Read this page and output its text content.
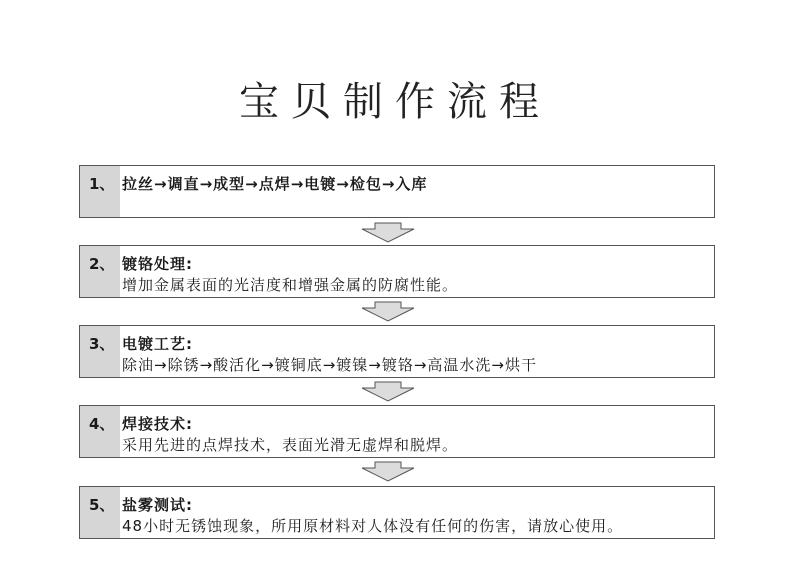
宝贝制作流程
1、 拉丝→调直→成型→点焊→电镀→检包→入库
2、 镀铬处理:
增加金属表面的光洁度和增强金属的防腐性能。
3、 电镀工艺:
除油→除锈→酸活化→镀铜底→镀镍→镀铬→高温水洗→烘干
4、 焊接技术:
采用先进的点焊技术，表面光滑无虚焊和脱焊。
5、 盐雾测试:
48小时无锈蚀现象，所用原材料对人体没有任何的伤害，请放心使用。
